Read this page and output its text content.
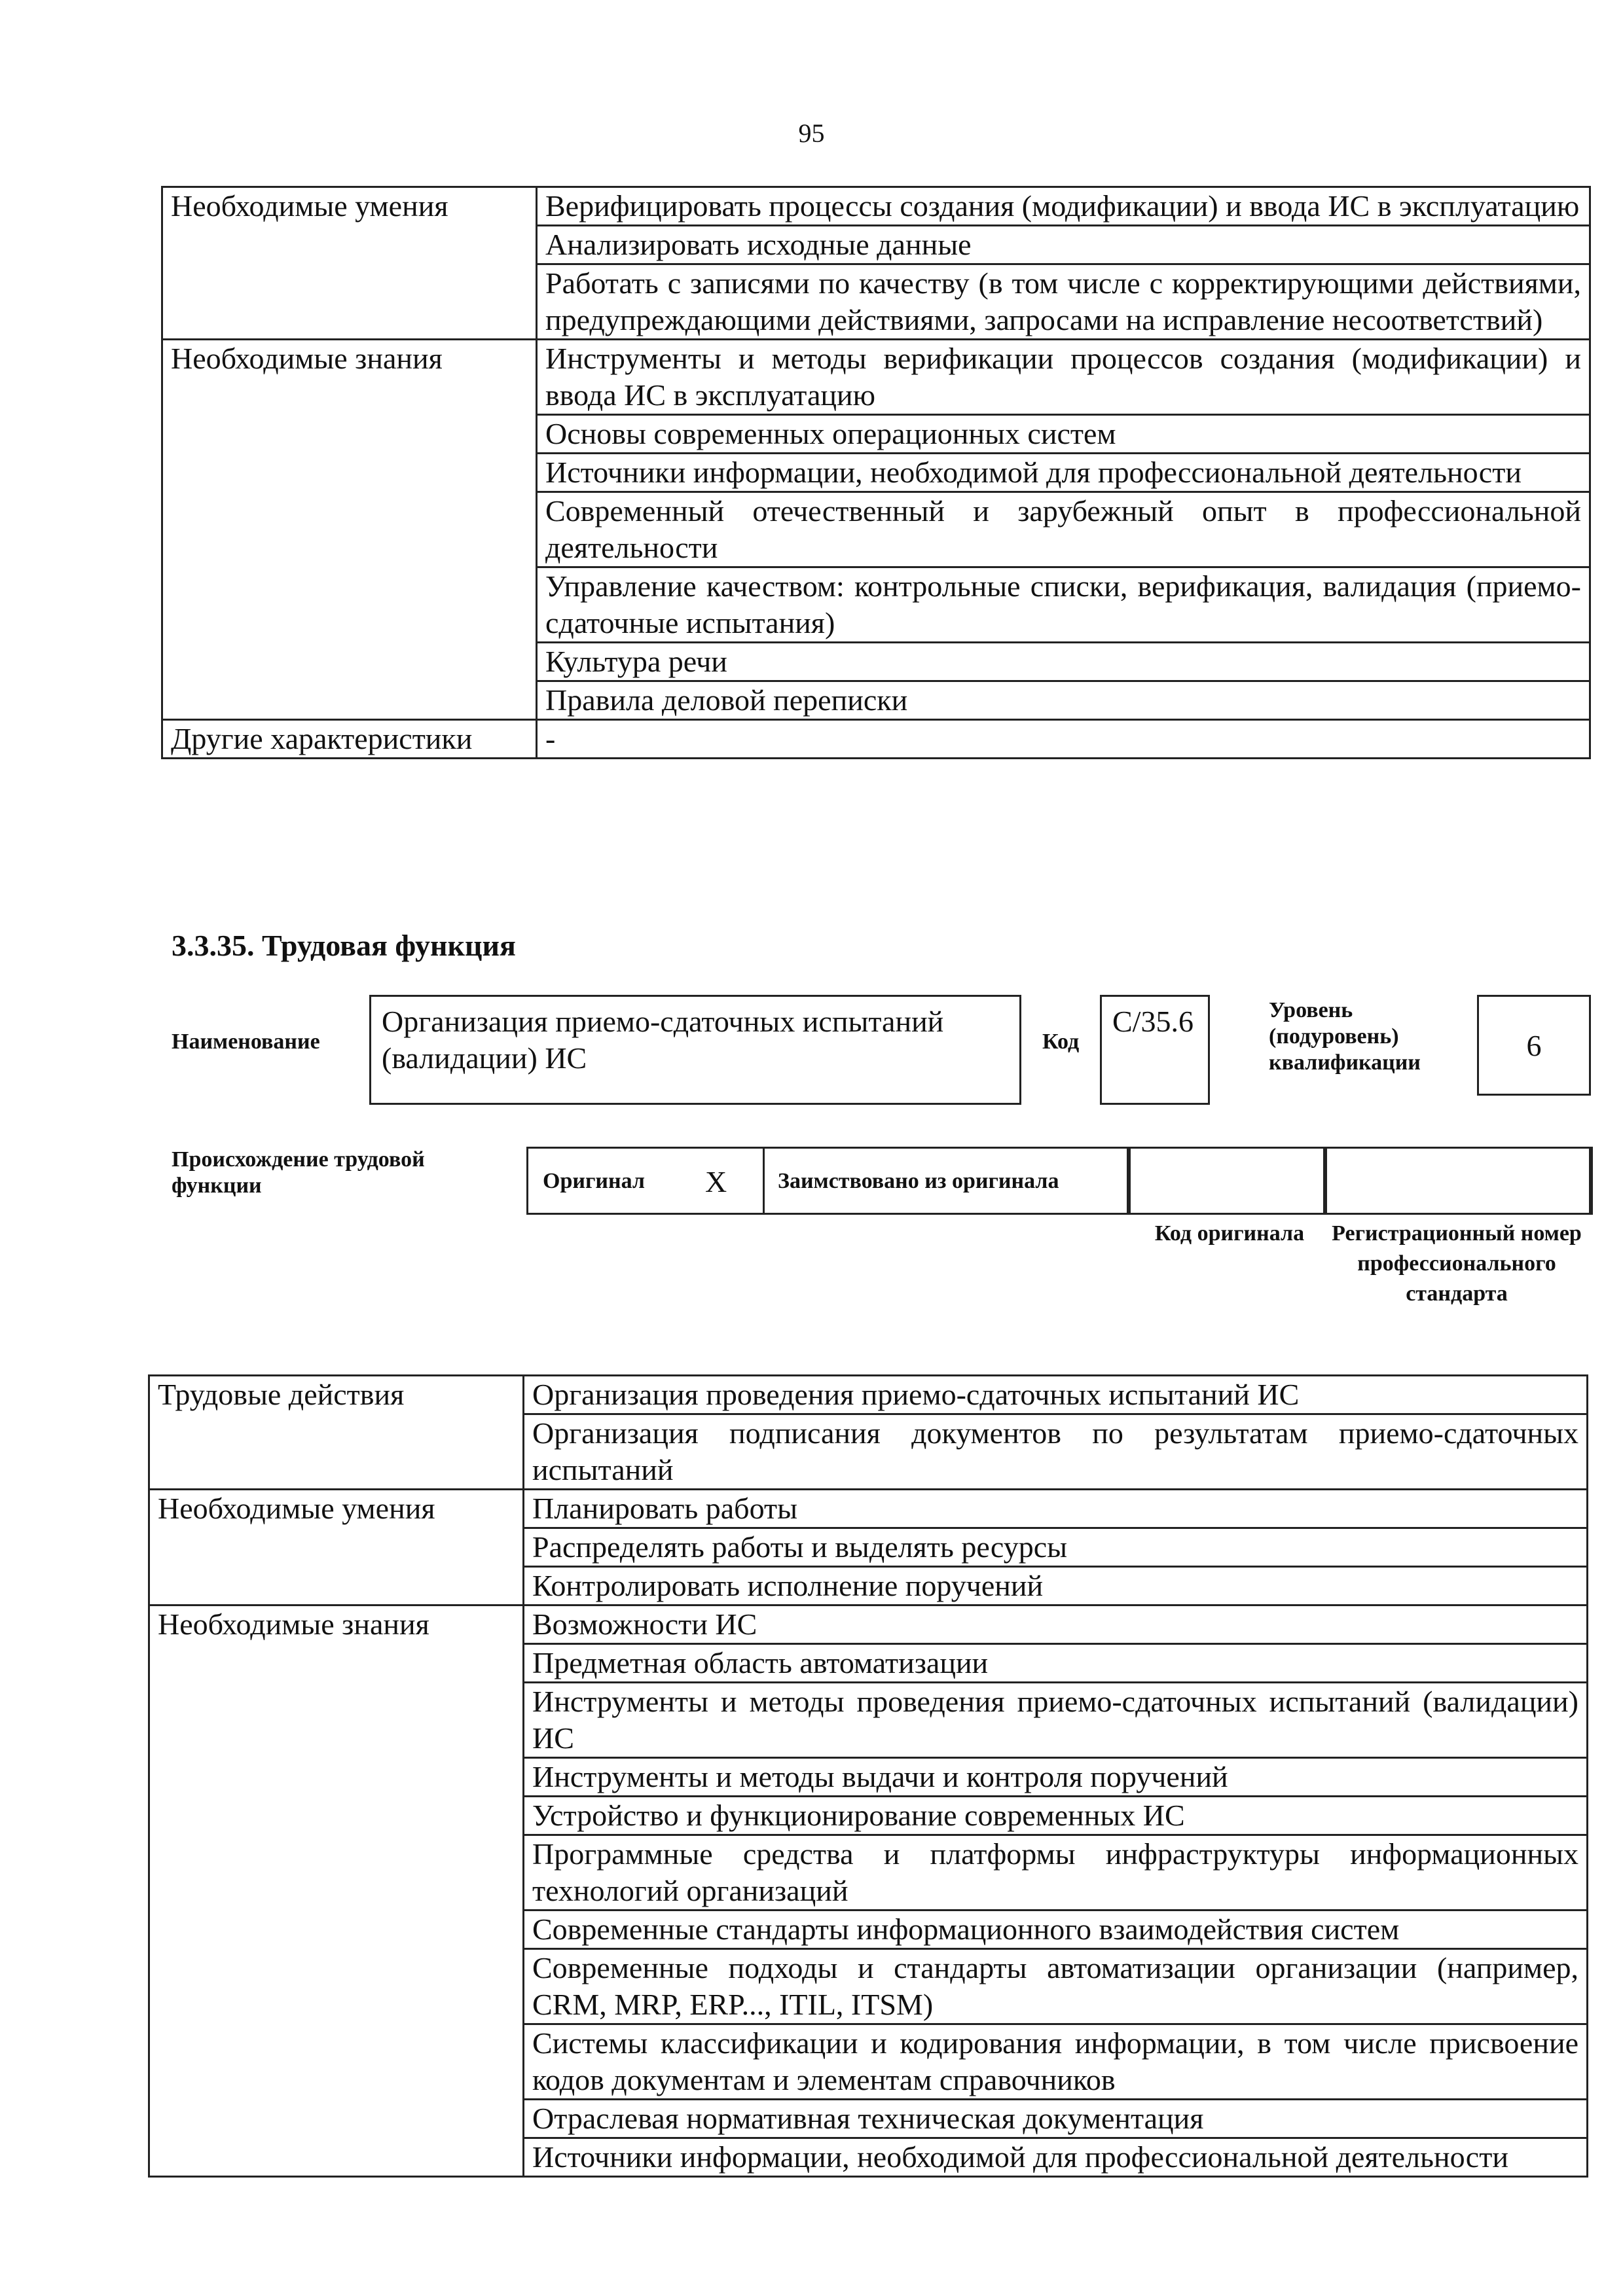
95
Необходимые умения	Верифицировать процессы создания (модификации) и ввода ИС в эксплуатацию
	Анализировать исходные данные
	Работать с записями по качеству (в том числе с корректирующими действиями, предупреждающими действиями, запросами на исправление несоответствий)
Необходимые знания	Инструменты и методы верификации процессов создания (модификации) и ввода ИС в эксплуатацию
	Основы современных операционных систем
	Источники информации, необходимой для профессиональной деятельности
	Современный отечественный и зарубежный опыт в профессиональной деятельности
	Управление качеством: контрольные списки, верификация, валидация (приемо-сдаточные испытания)
	Культура речи
	Правила деловой переписки
Другие характеристики	-
3.3.35. Трудовая функция
Наименование
Организация приемо-сдаточных испытаний (валидации) ИС	Код
С/35.6	Уровень (подуровень) квалификации
6
Происхождение трудовой функции	Оригинал X Заимствовано из оригинала
Код оригинала	Регистрационный номер профессионального стандарта
Трудовые действия	Организация проведения приемо-сдаточных испытаний ИС
	Организация подписания документов по результатам приемо-сдаточных испытаний
Необходимые умения	Планировать работы
	Распределять работы и выделять ресурсы
	Контролировать исполнение поручений
Необходимые знания	Возможности ИС
	Предметная область автоматизации
	Инструменты и методы проведения приемо-сдаточных испытаний (валидации) ИС
	Инструменты и методы выдачи и контроля поручений
	Устройство и функционирование современных ИС
	Программные средства и платформы инфраструктуры информационных технологий организаций
	Современные стандарты информационного взаимодействия систем
	Современные подходы и стандарты автоматизации организации (например, CRM, MRP, ERP..., ITIL, ITSM)
	Системы классификации и кодирования информации, в том числе присвоение кодов документам и элементам справочников
	Отраслевая нормативная техническая документация
	Источники информации, необходимой для профессиональной деятельности
